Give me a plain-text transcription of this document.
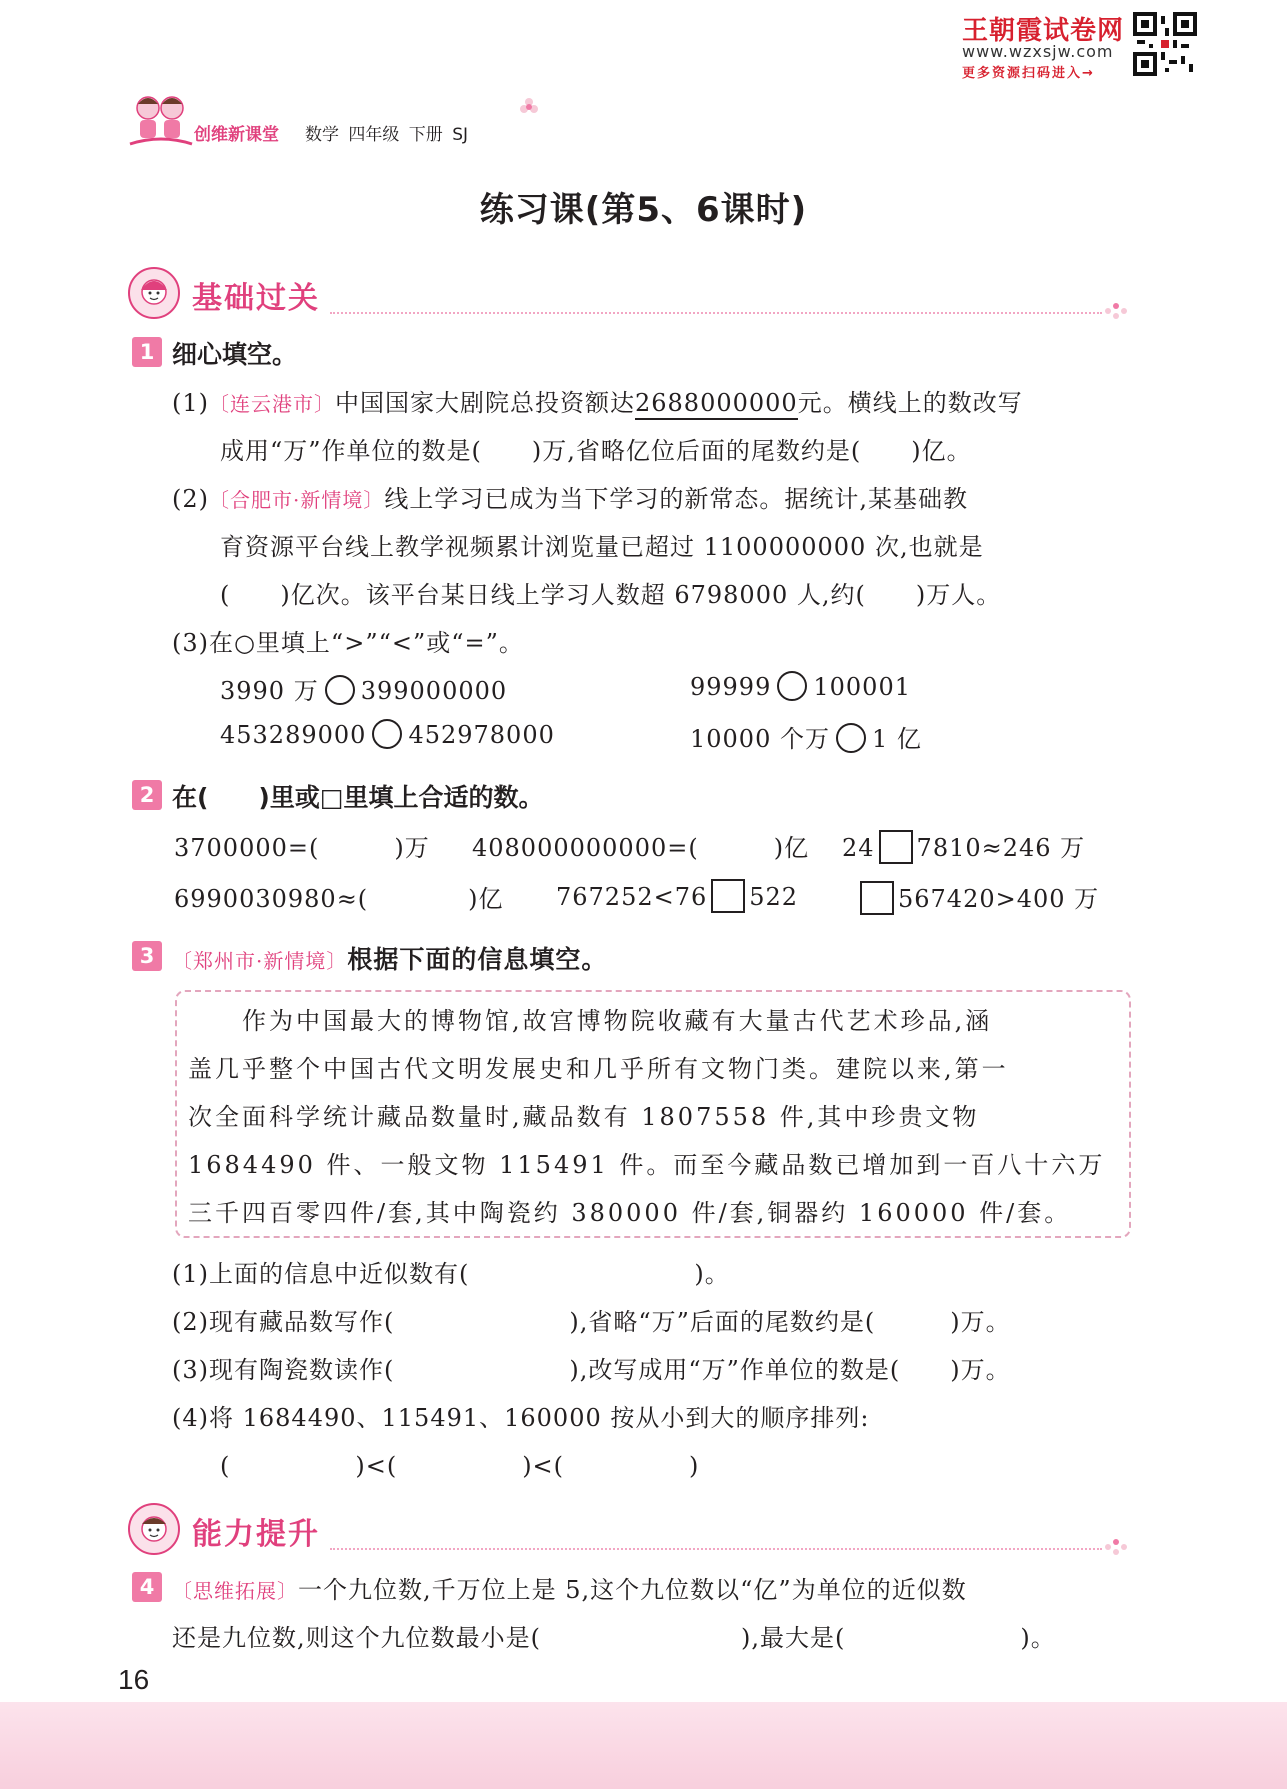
王朝霞试卷网
www.wzxsjw.com
更多资源扫码进入→
创维新课堂 数学 四年级 下册 SJ
练习课(第5、6课时)
基础过关
1 细心填空。
(1)〔连云港市〕中国国家大剧院总投资额达2688000000元。横线上的数改写
成用“万”作单位的数是(　　)万,省略亿位后面的尾数约是(　　)亿。
(2)〔合肥市·新情境〕线上学习已成为当下学习的新常态。据统计,某基础教
育资源平台线上教学视频累计浏览量已超过 1100000000 次,也就是
(　　)亿次。该平台某日线上学习人数超 6798000 人,约(　　)万人。
(3)在○里填上“>”“<”或“=”。
3990 万 399000000	99999 100001
453289000 452978000	10000 个万 1 亿
2 在(　　)里或□里填上合适的数。
3700000=(　　　)万 408000000000=(　　　)亿 24 7810≈246 万
6990030980≈(　　　　)亿 767252<76 522	567420>400 万
3 〔郑州市·新情境〕根据下面的信息填空。
　　作为中国最大的博物馆,故宫博物院收藏有大量古代艺术珍品,涵
盖几乎整个中国古代文明发展史和几乎所有文物门类。建院以来,第一
次全面科学统计藏品数量时,藏品数有 1807558 件,其中珍贵文物
1684490 件、一般文物 115491 件。而至今藏品数已增加到一百八十六万
三千四百零四件/套,其中陶瓷约 380000 件/套,铜器约 160000 件/套。
(1)上面的信息中近似数有(　　　　　　　　　)。
(2)现有藏品数写作(　　　　　　　),省略“万”后面的尾数约是(　　　)万。
(3)现有陶瓷数读作(　　　　　　　),改写成用“万”作单位的数是(　　)万。
(4)将 1684490、115491、160000 按从小到大的顺序排列:
(　　　　　)<(　　　　　)<(　　　　　)
能力提升
4 〔思维拓展〕一个九位数,千万位上是 5,这个九位数以“亿”为单位的近似数
还是九位数,则这个九位数最小是(　　　　　　　　),最大是(　　　　　　　)。
16
